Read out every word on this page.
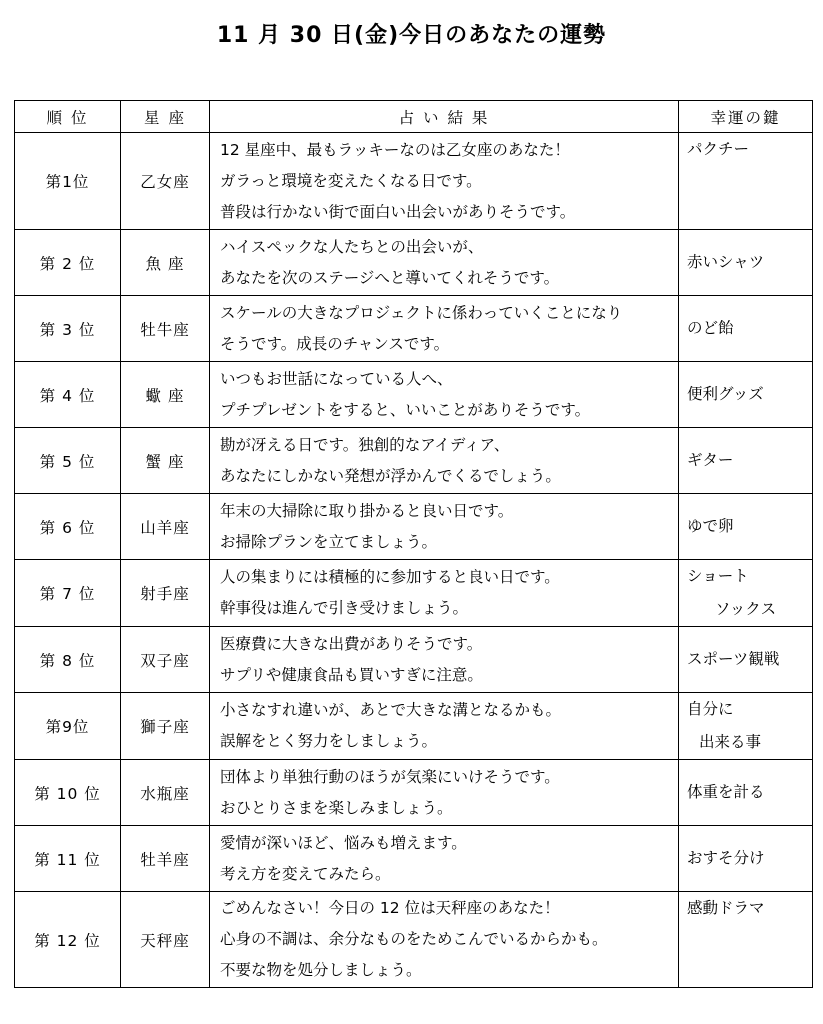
11 月 30 日(金)今日のあなたの運勢
順 位	星 座	占 い 結 果	幸運の鍵
第1位	乙女座	12 星座中、最もラッキーなのは乙女座のあなた！
ガラっと環境を変えたくなる日です。
普段は行かない街で面白い出会いがありそうです。	パクチー

第 2 位	魚 座	ハイスペックな人たちとの出会いが、
あなたを次のステージへと導いてくれそうです。	赤いシャツ

第 3 位	牡牛座	スケールの大きなプロジェクトに係わっていくことになり
そうです。成長のチャンスです。	のど飴

第 4 位	蠍 座	いつもお世話になっている人へ、
プチプレゼントをすると、いいことがありそうです。	便利グッズ

第 5 位	蟹 座	勘が冴える日です。独創的なアイディア、
あなたにしかない発想が浮かんでくるでしょう。	ギター

第 6 位	山羊座	年末の大掃除に取り掛かると良い日です。
お掃除プランを立てましょう。	ゆで卵

第 7 位	射手座	人の集まりには積極的に参加すると良い日です。
幹事役は進んで引き受けましょう。	ショート
ソックス

第 8 位	双子座	医療費に大きな出費がありそうです。
サプリや健康食品も買いすぎに注意。	スポーツ観戦

第9位	獅子座	小さなすれ違いが、あとで大きな溝となるかも。
誤解をとく努力をしましょう。	自分に
出来る事

第 10 位	水瓶座	団体より単独行動のほうが気楽にいけそうです。
おひとりさまを楽しみましょう。	体重を計る

第 11 位	牡羊座	愛情が深いほど、悩みも増えます。
考え方を変えてみたら。	おすそ分け

第 12 位	天秤座	ごめんなさい！今日の 12 位は天秤座のあなた！
心身の不調は、余分なものをためこんでいるからかも。
不要な物を処分しましょう。	感動ドラマ
